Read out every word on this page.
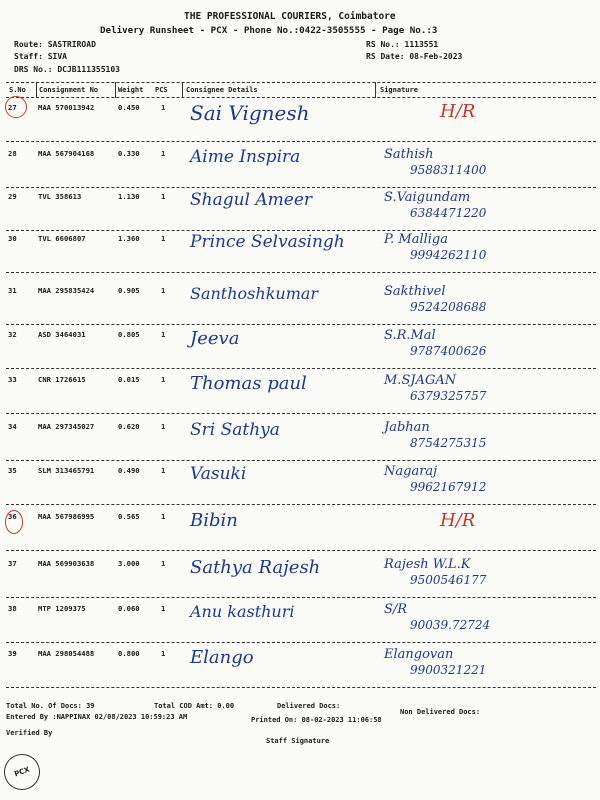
THE PROFESSIONAL COURIERS, Coimbatore
Delivery Runsheet - PCX - Phone No.:0422-3505555 - Page No.:3
Route: SASTRIROAD
Staff: SIVA
DRS No.: DCJB111355103
RS No.: 1113551
RS Date: 08-Feb-2023
S.No Consignment No	Weight PCS	Consignee Details	Signature
27	MAA 570013942	0.450	1 Sai Vignesh	H/R
28	MAA 567904168	0.330	1 Aime Inspira	Sathish
9588311400
29	TVL 358613	1.130	1 Shagul Ameer	S.Vaigundam
6384471220
30	TVL 6606807	1.360	1 Prince Selvasingh	P. Malliga
9994262110
31	MAA 295835424	0.905	1 Santhoshkumar	Sakthivel
9524208688
32	ASD 3464031	0.805	1 Jeeva	S.R.Mal
9787400626
33	CNR 1726615	0.015	1 Thomas paul	M.SJAGAN
6379325757
34	MAA 297345027	0.620	1 Sri Sathya	Jabhan
8754275315
35	SLM 313465791	0.490	1 Vasuki	Nagaraj
9962167912
36	MAA 567986995	0.565	1 Bibin	H/R
37	MAA 569903638	3.000	1 Sathya Rajesh	Rajesh W.L.K
9500546177
38	MTP 1209375	0.060	1 Anu kasthuri	S/R
90039.72724
39	MAA 298054488	0.800	1 Elango	Elangovan
9900321221
Total No. Of Docs: 39	Total COD Amt: 0.00	Delivered Docs:
Non Delivered Docs:
Entered By :NAPPINAX 02/08/2023 10:59:23 AM	Printed On: 08-02-2023 11:06:58
Verified By
Staff Signature
PCX
